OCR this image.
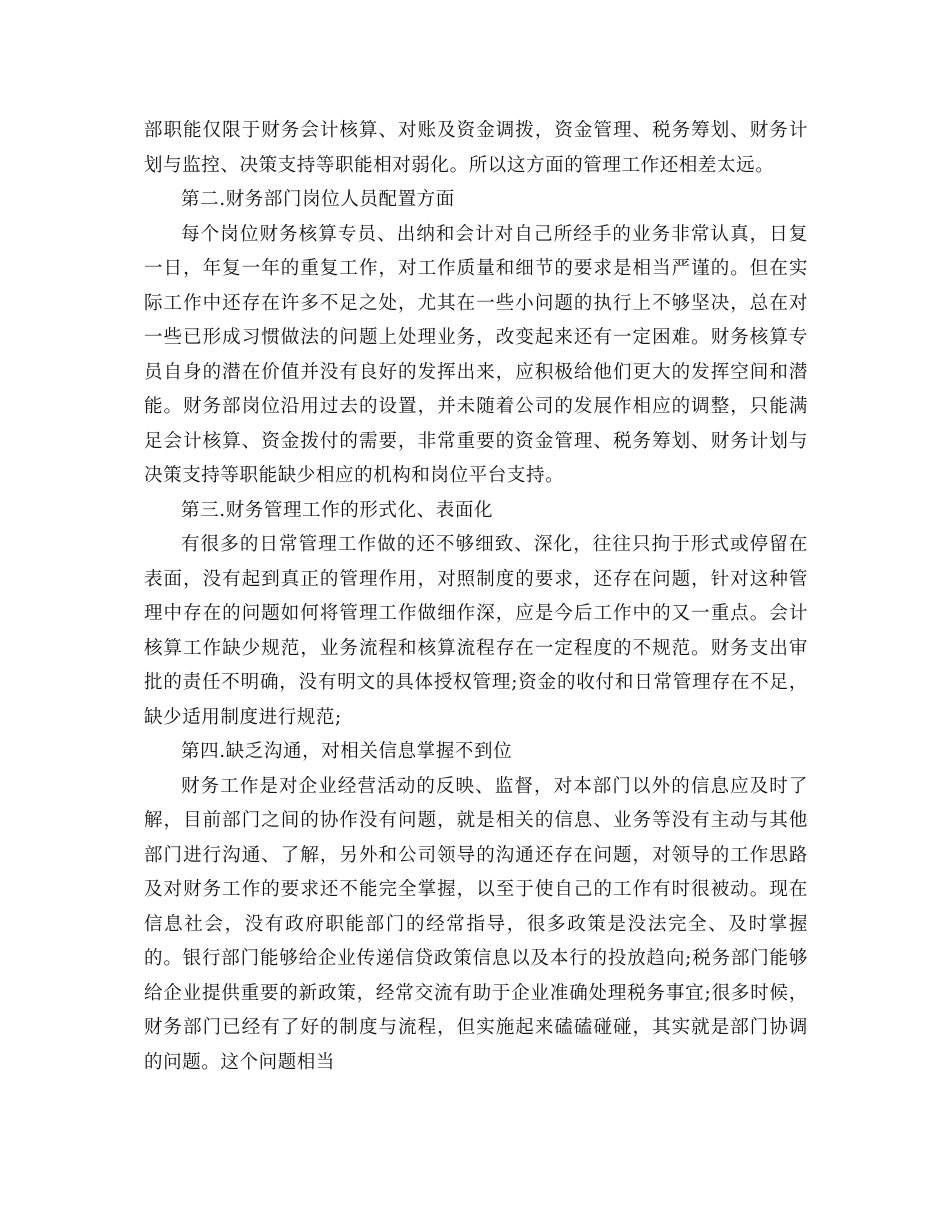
部职能仅限于财务会计核算、对账及资金调拨，资金管理、税务筹划、财务计划与监控、决策支持等职能相对弱化。所以这方面的管理工作还相差太远。

第二.财务部门岗位人员配置方面

每个岗位财务核算专员、出纳和会计对自己所经手的业务非常认真，日复一日，年复一年的重复工作，对工作质量和细节的要求是相当严谨的。但在实际工作中还存在许多不足之处，尤其在一些小问题的执行上不够坚决，总在对一些已形成习惯做法的问题上处理业务，改变起来还有一定困难。财务核算专员自身的潜在价值并没有良好的发挥出来，应积极给他们更大的发挥空间和潜能。财务部岗位沿用过去的设置，并未随着公司的发展作相应的调整，只能满足会计核算、资金拨付的需要，非常重要的资金管理、税务筹划、财务计划与决策支持等职能缺少相应的机构和岗位平台支持。

第三.财务管理工作的形式化、表面化

有很多的日常管理工作做的还不够细致、深化，往往只拘于形式或停留在表面，没有起到真正的管理作用，对照制度的要求，还存在问题，针对这种管理中存在的问题如何将管理工作做细作深，应是今后工作中的又一重点。会计核算工作缺少规范，业务流程和核算流程存在一定程度的不规范。财务支出审批的责任不明确，没有明文的具体授权管理;资金的收付和日常管理存在不足，缺少适用制度进行规范;

第四.缺乏沟通，对相关信息掌握不到位

财务工作是对企业经营活动的反映、监督，对本部门以外的信息应及时了解，目前部门之间的协作没有问题，就是相关的信息、业务等没有主动与其他部门进行沟通、了解，另外和公司领导的沟通还存在问题，对领导的工作思路及对财务工作的要求还不能完全掌握，以至于使自己的工作有时很被动。现在信息社会，没有政府职能部门的经常指导，很多政策是没法完全、及时掌握的。银行部门能够给企业传递信贷政策信息以及本行的投放趋向;税务部门能够给企业提供重要的新政策，经常交流有助于企业准确处理税务事宜;很多时候，财务部门已经有了好的制度与流程，但实施起来磕磕碰碰，其实就是部门协调的问题。这个问题相当
